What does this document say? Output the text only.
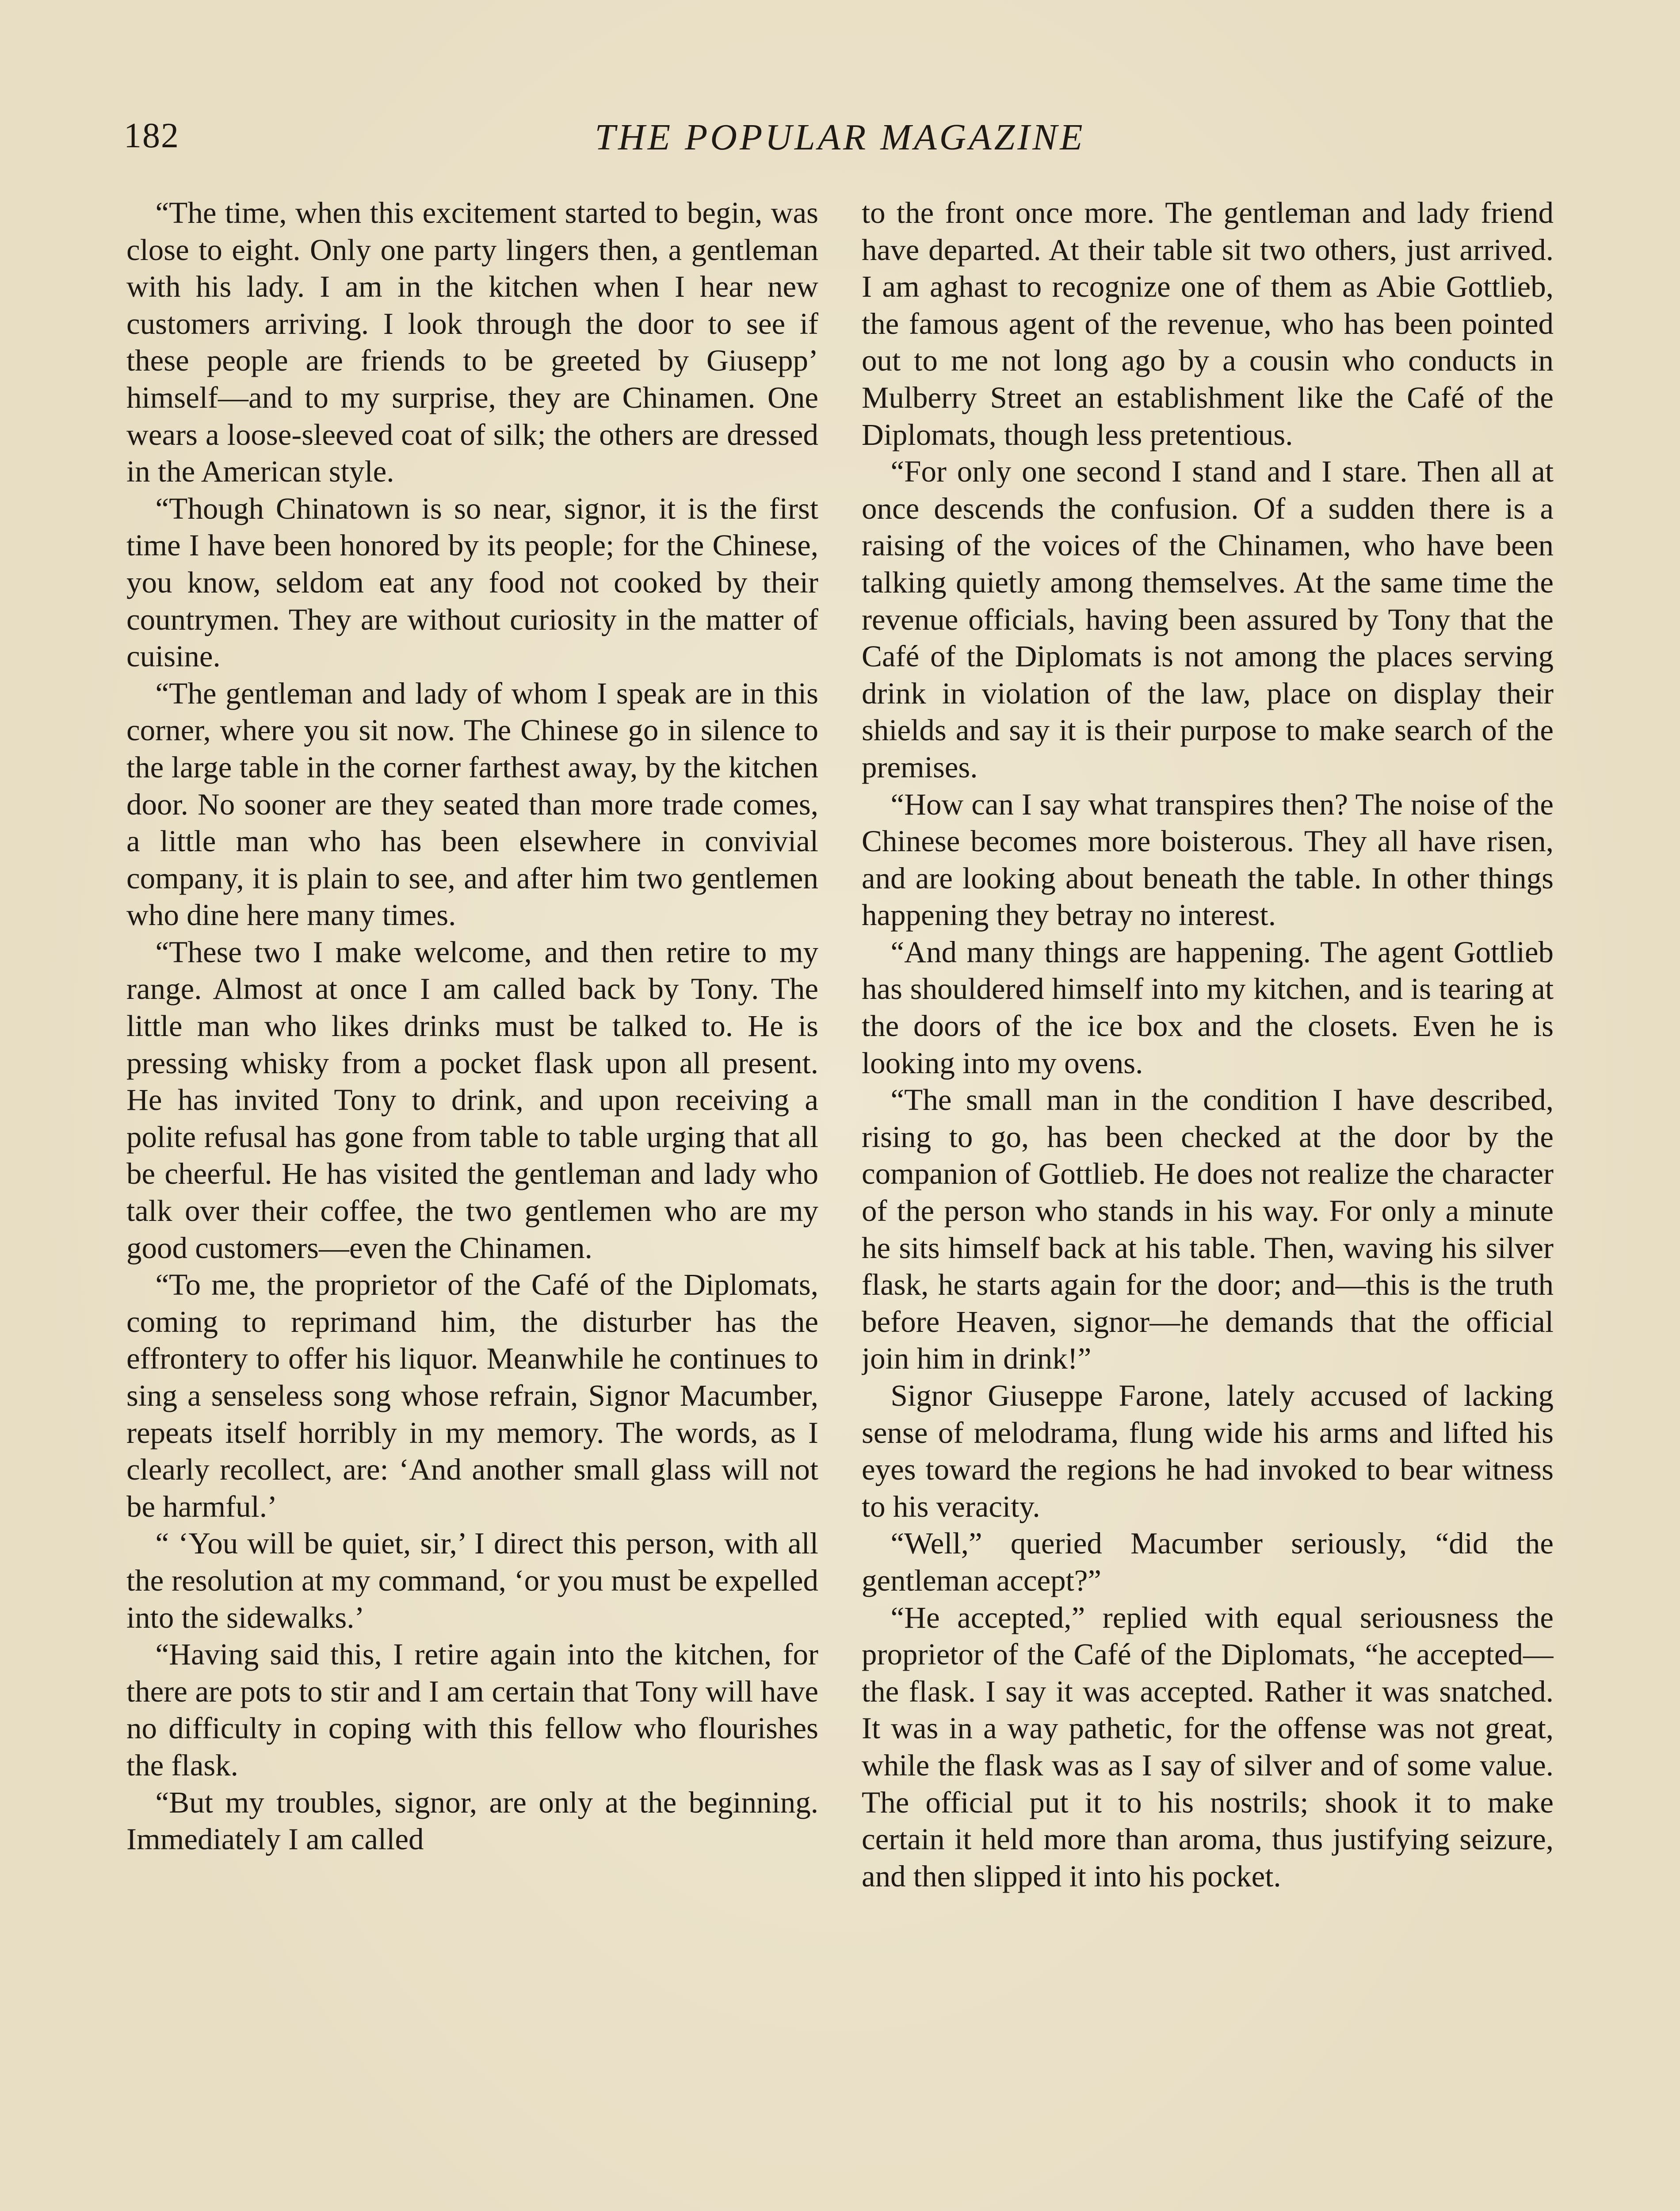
182	THE POPULAR MAGAZINE

“The time, when this excitement started to begin, was close to eight. Only one party lingers then, a gentleman with his lady. I am in the kitchen when I hear new customers arriving. I look through the door to see if these people are friends to be greeted by Giusepp’ himself—and to my surprise, they are Chinamen. One wears a loose-sleeved coat of silk; the others are dressed in the American style.

“Though Chinatown is so near, signor, it is the first time I have been honored by its people; for the Chinese, you know, seldom eat any food not cooked by their countrymen. They are without curiosity in the matter of cuisine.

“The gentleman and lady of whom I speak are in this corner, where you sit now. The Chinese go in silence to the large table in the corner farthest away, by the kitchen door. No sooner are they seated than more trade comes, a little man who has been elsewhere in convivial company, it is plain to see, and after him two gentlemen who dine here many times.

“These two I make welcome, and then retire to my range. Almost at once I am called back by Tony. The little man who likes drinks must be talked to. He is pressing whisky from a pocket flask upon all present. He has invited Tony to drink, and upon receiving a polite refusal has gone from table to table urging that all be cheerful. He has visited the gentleman and lady who talk over their coffee, the two gentlemen who are my good customers—even the Chinamen.

“To me, the proprietor of the Café of the Diplomats, coming to reprimand him, the disturber has the effrontery to offer his liquor. Meanwhile he continues to sing a senseless song whose refrain, Signor Macumber, repeats itself horribly in my memory. The words, as I clearly recollect, are: ‘And another small glass will not be harmful.’

“ ‘You will be quiet, sir,’ I direct this person, with all the resolution at my command, ‘or you must be expelled into the sidewalks.’

“Having said this, I retire again into the kitchen, for there are pots to stir and I am certain that Tony will have no difficulty in coping with this fellow who flourishes the flask.

“But my troubles, signor, are only at the beginning. Immediately I am called

to the front once more. The gentleman and lady friend have departed. At their table sit two others, just arrived. I am aghast to recognize one of them as Abie Gottlieb, the famous agent of the revenue, who has been pointed out to me not long ago by a cousin who conducts in Mulberry Street an establishment like the Café of the Diplomats, though less pretentious.

“For only one second I stand and I stare. Then all at once descends the confusion. Of a sudden there is a raising of the voices of the Chinamen, who have been talking quietly among themselves. At the same time the revenue officials, having been assured by Tony that the Café of the Diplomats is not among the places serving drink in violation of the law, place on display their shields and say it is their purpose to make search of the premises.

“How can I say what transpires then? The noise of the Chinese becomes more boisterous. They all have risen, and are looking about beneath the table. In other things happening they betray no interest.

“And many things are happening. The agent Gottlieb has shouldered himself into my kitchen, and is tearing at the doors of the ice box and the closets. Even he is looking into my ovens.

“The small man in the condition I have described, rising to go, has been checked at the door by the companion of Gottlieb. He does not realize the character of the person who stands in his way. For only a minute he sits himself back at his table. Then, waving his silver flask, he starts again for the door; and—this is the truth before Heaven, signor—he demands that the official join him in drink!”

Signor Giuseppe Farone, lately accused of lacking sense of melodrama, flung wide his arms and lifted his eyes toward the regions he had invoked to bear witness to his veracity.

“Well,” queried Macumber seriously, “did the gentleman accept?”

“He accepted,” replied with equal seriousness the proprietor of the Café of the Diplomats, “he accepted—the flask. I say it was accepted. Rather it was snatched. It was in a way pathetic, for the offense was not great, while the flask was as I say of silver and of some value. The official put it to his nostrils; shook it to make certain it held more than aroma, thus justifying seizure, and then slipped it into his pocket.
